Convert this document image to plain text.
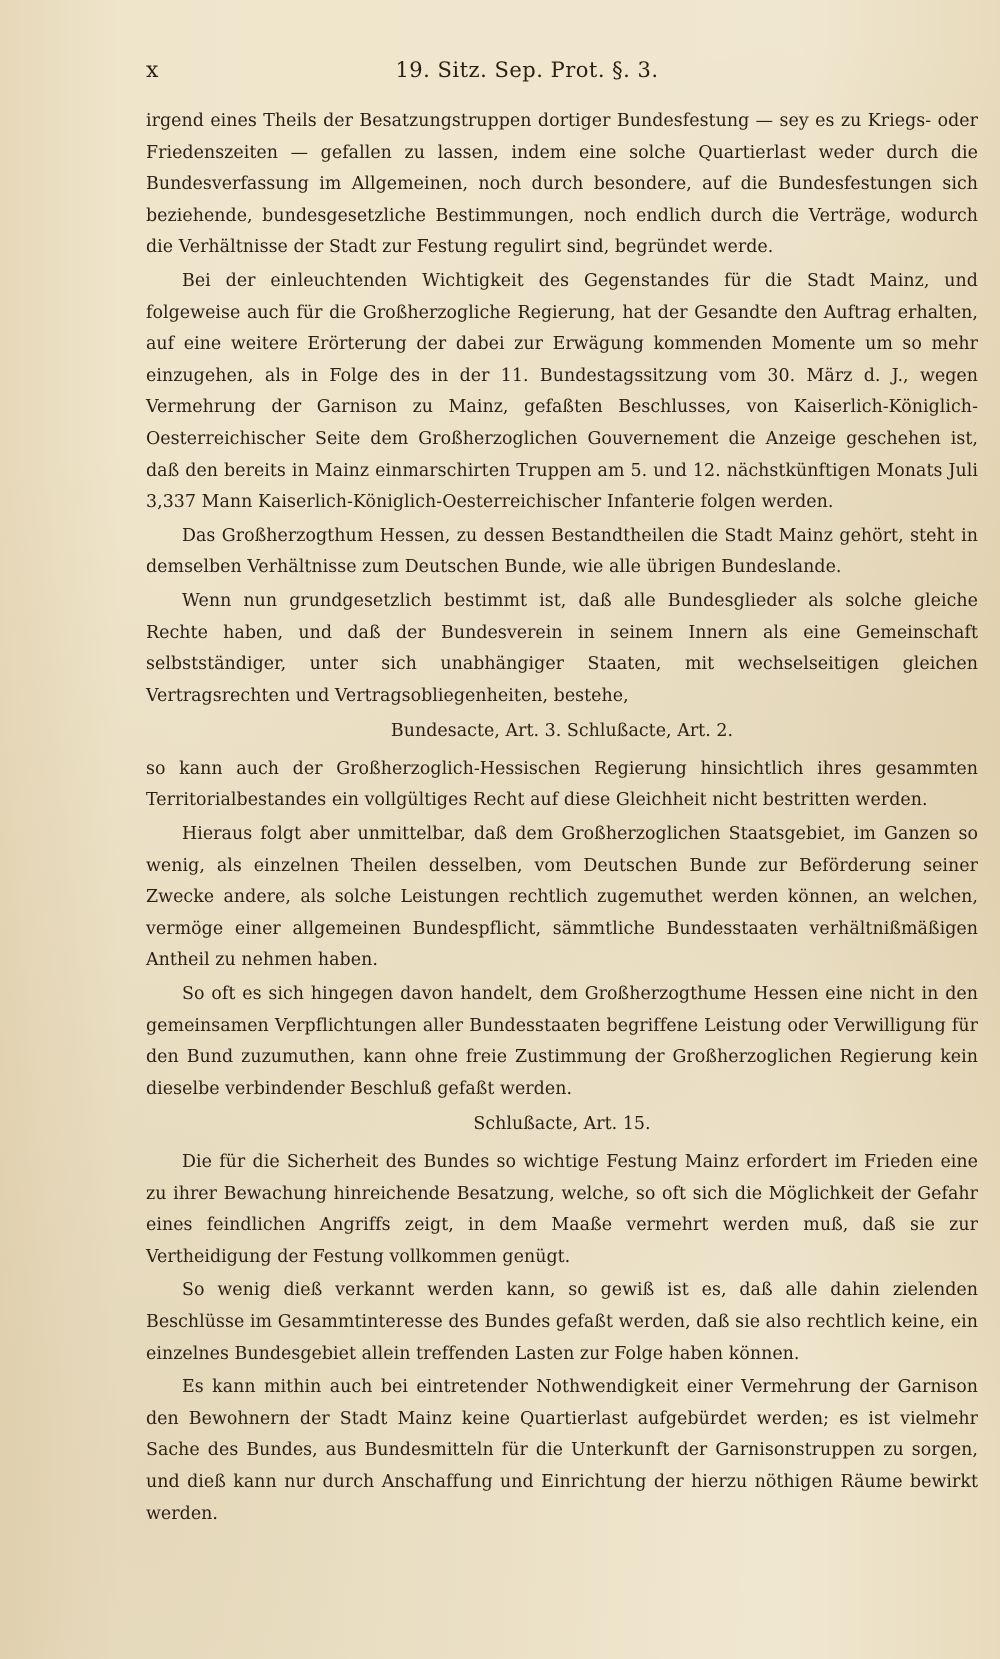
x	19. Sitz. Sep. Prot. §. 3.

irgend eines Theils der Besatzungstruppen dortiger Bundesfestung — sey es zu Kriegs- oder Friedenszeiten — gefallen zu lassen, indem eine solche Quartierlast weder durch die Bundesverfassung im Allgemeinen, noch durch besondere, auf die Bundesfestungen sich beziehende, bundesgesetzliche Bestimmungen, noch endlich durch die Verträge, wodurch die Verhältnisse der Stadt zur Festung regulirt sind, begründet werde.

Bei der einleuchtenden Wichtigkeit des Gegenstandes für die Stadt Mainz, und folgeweise auch für die Großherzogliche Regierung, hat der Gesandte den Auftrag erhalten, auf eine weitere Erörterung der dabei zur Erwägung kommenden Momente um so mehr einzugehen, als in Folge des in der 11. Bundestagssitzung vom 30. März d. J., wegen Vermehrung der Garnison zu Mainz, gefaßten Beschlusses, von Kaiserlich-Königlich-Oesterreichischer Seite dem Großherzoglichen Gouvernement die Anzeige geschehen ist, daß den bereits in Mainz einmarschirten Truppen am 5. und 12. nächstkünftigen Monats Juli 3,337 Mann Kaiserlich-Königlich-Oesterreichischer Infanterie folgen werden.

Das Großherzogthum Hessen, zu dessen Bestandtheilen die Stadt Mainz gehört, steht in demselben Verhältnisse zum Deutschen Bunde, wie alle übrigen Bundeslande.

Wenn nun grundgesetzlich bestimmt ist, daß alle Bundesglieder als solche gleiche Rechte haben, und daß der Bundesverein in seinem Innern als eine Gemeinschaft selbstständiger, unter sich unabhängiger Staaten, mit wechselseitigen gleichen Vertragsrechten und Vertragsobliegenheiten, bestehe,

Bundesacte, Art. 3. Schlußacte, Art. 2.

so kann auch der Großherzoglich-Hessischen Regierung hinsichtlich ihres gesammten Territorialbestandes ein vollgültiges Recht auf diese Gleichheit nicht bestritten werden.

Hieraus folgt aber unmittelbar, daß dem Großherzoglichen Staatsgebiet, im Ganzen so wenig, als einzelnen Theilen desselben, vom Deutschen Bunde zur Beförderung seiner Zwecke andere, als solche Leistungen rechtlich zugemuthet werden können, an welchen, vermöge einer allgemeinen Bundespflicht, sämmtliche Bundesstaaten verhältnißmäßigen Antheil zu nehmen haben.

So oft es sich hingegen davon handelt, dem Großherzogthume Hessen eine nicht in den gemeinsamen Verpflichtungen aller Bundesstaaten begriffene Leistung oder Verwilligung für den Bund zuzumuthen, kann ohne freie Zustimmung der Großherzoglichen Regierung kein dieselbe verbindender Beschluß gefaßt werden.

Schlußacte, Art. 15.

Die für die Sicherheit des Bundes so wichtige Festung Mainz erfordert im Frieden eine zu ihrer Bewachung hinreichende Besatzung, welche, so oft sich die Möglichkeit der Gefahr eines feindlichen Angriffs zeigt, in dem Maaße vermehrt werden muß, daß sie zur Vertheidigung der Festung vollkommen genügt.

So wenig dieß verkannt werden kann, so gewiß ist es, daß alle dahin zielenden Beschlüsse im Gesammtinteresse des Bundes gefaßt werden, daß sie also rechtlich keine, ein einzelnes Bundesgebiet allein treffenden Lasten zur Folge haben können.

Es kann mithin auch bei eintretender Nothwendigkeit einer Vermehrung der Garnison den Bewohnern der Stadt Mainz keine Quartierlast aufgebürdet werden; es ist vielmehr Sache des Bundes, aus Bundesmitteln für die Unterkunft der Garnisonstruppen zu sorgen, und dieß kann nur durch Anschaffung und Einrichtung der hierzu nöthigen Räume bewirkt werden.
